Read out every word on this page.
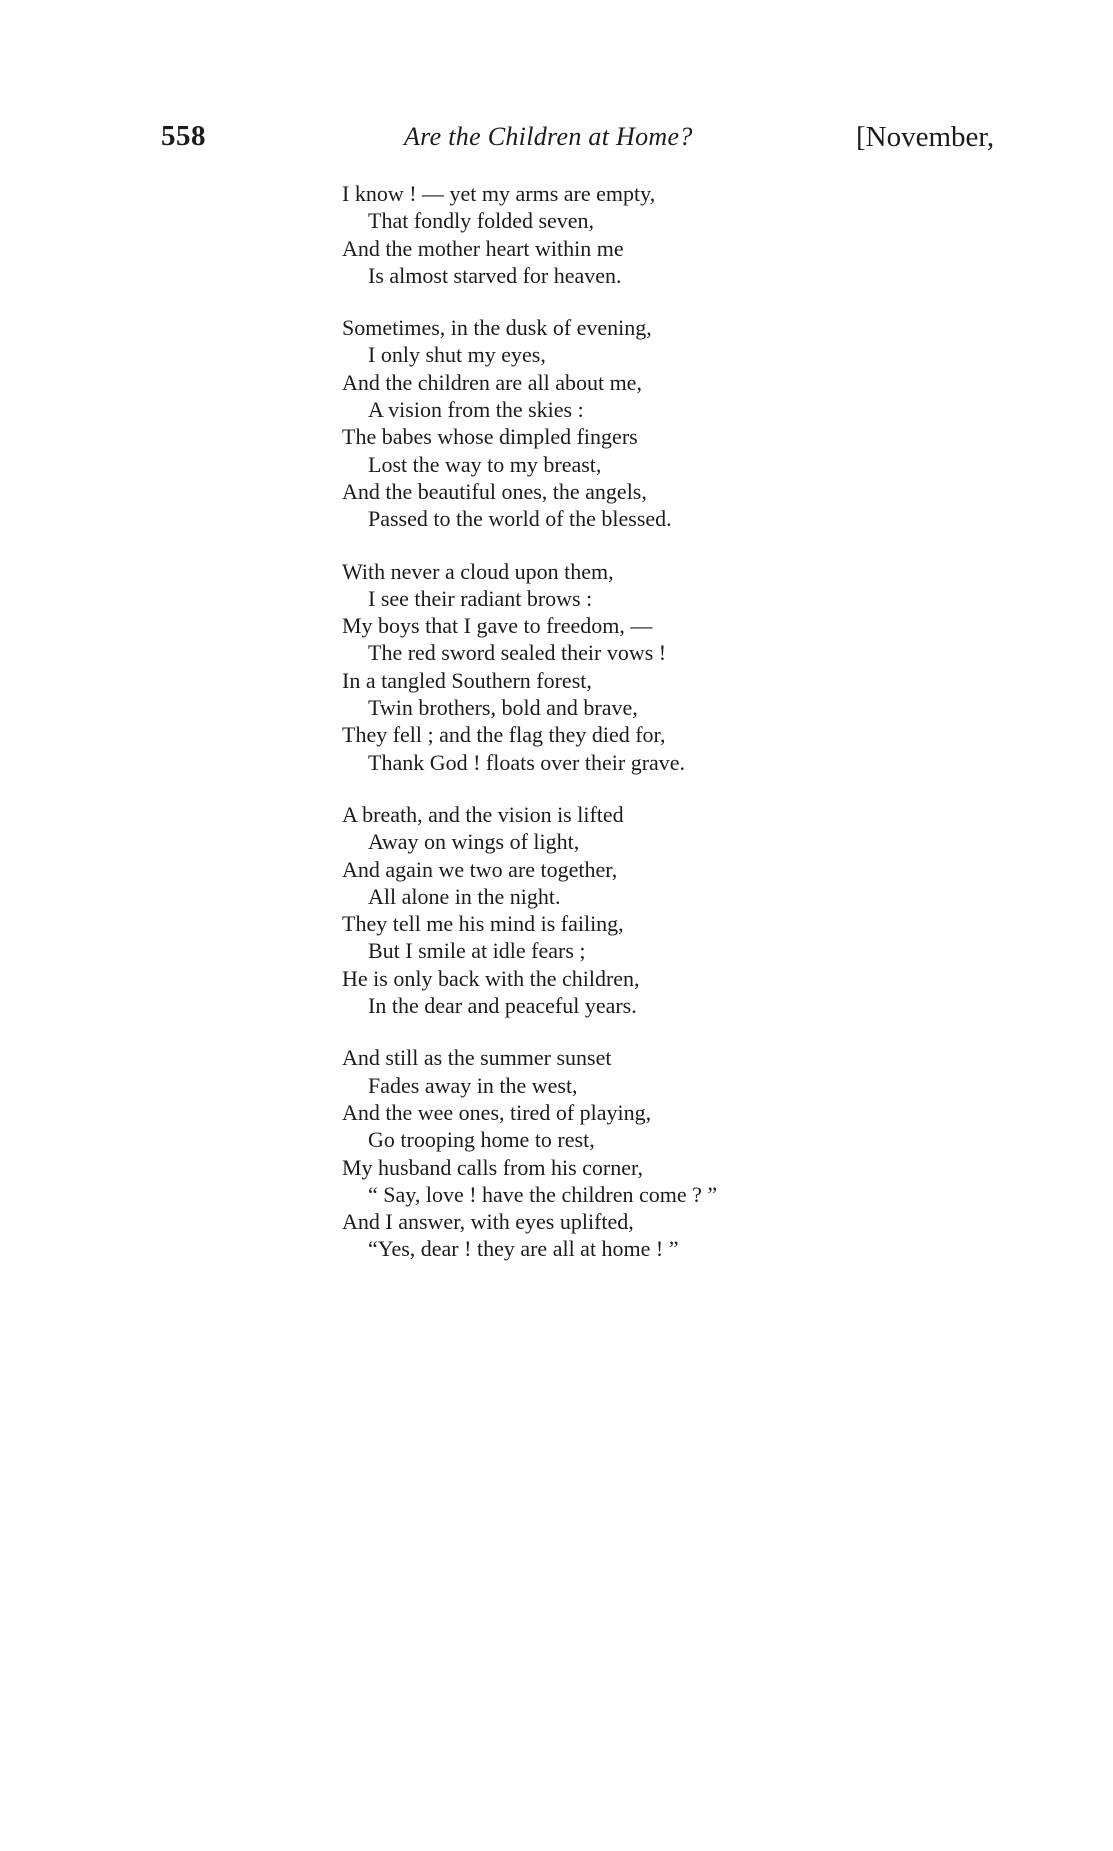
558	Are the Children at Home?	[November,
I know ! — yet my arms are empty,
That fondly folded seven,
And the mother heart within me
Is almost starved for heaven.
Sometimes, in the dusk of evening,
I only shut my eyes,
And the children are all about me,
A vision from the skies :
The babes whose dimpled fingers
Lost the way to my breast,
And the beautiful ones, the angels,
Passed to the world of the blessed.
With never a cloud upon them,
I see their radiant brows :
My boys that I gave to freedom, —
The red sword sealed their vows !
In a tangled Southern forest,
Twin brothers, bold and brave,
They fell ; and the flag they died for,
Thank God ! floats over their grave.
A breath, and the vision is lifted
Away on wings of light,
And again we two are together,
All alone in the night.
They tell me his mind is failing,
But I smile at idle fears ;
He is only back with the children,
In the dear and peaceful years.
And still as the summer sunset
Fades away in the west,
And the wee ones, tired of playing,
Go trooping home to rest,
My husband calls from his corner,
“ Say, love ! have the children come ? ”
And I answer, with eyes uplifted,
“Yes, dear ! they are all at home ! ”
